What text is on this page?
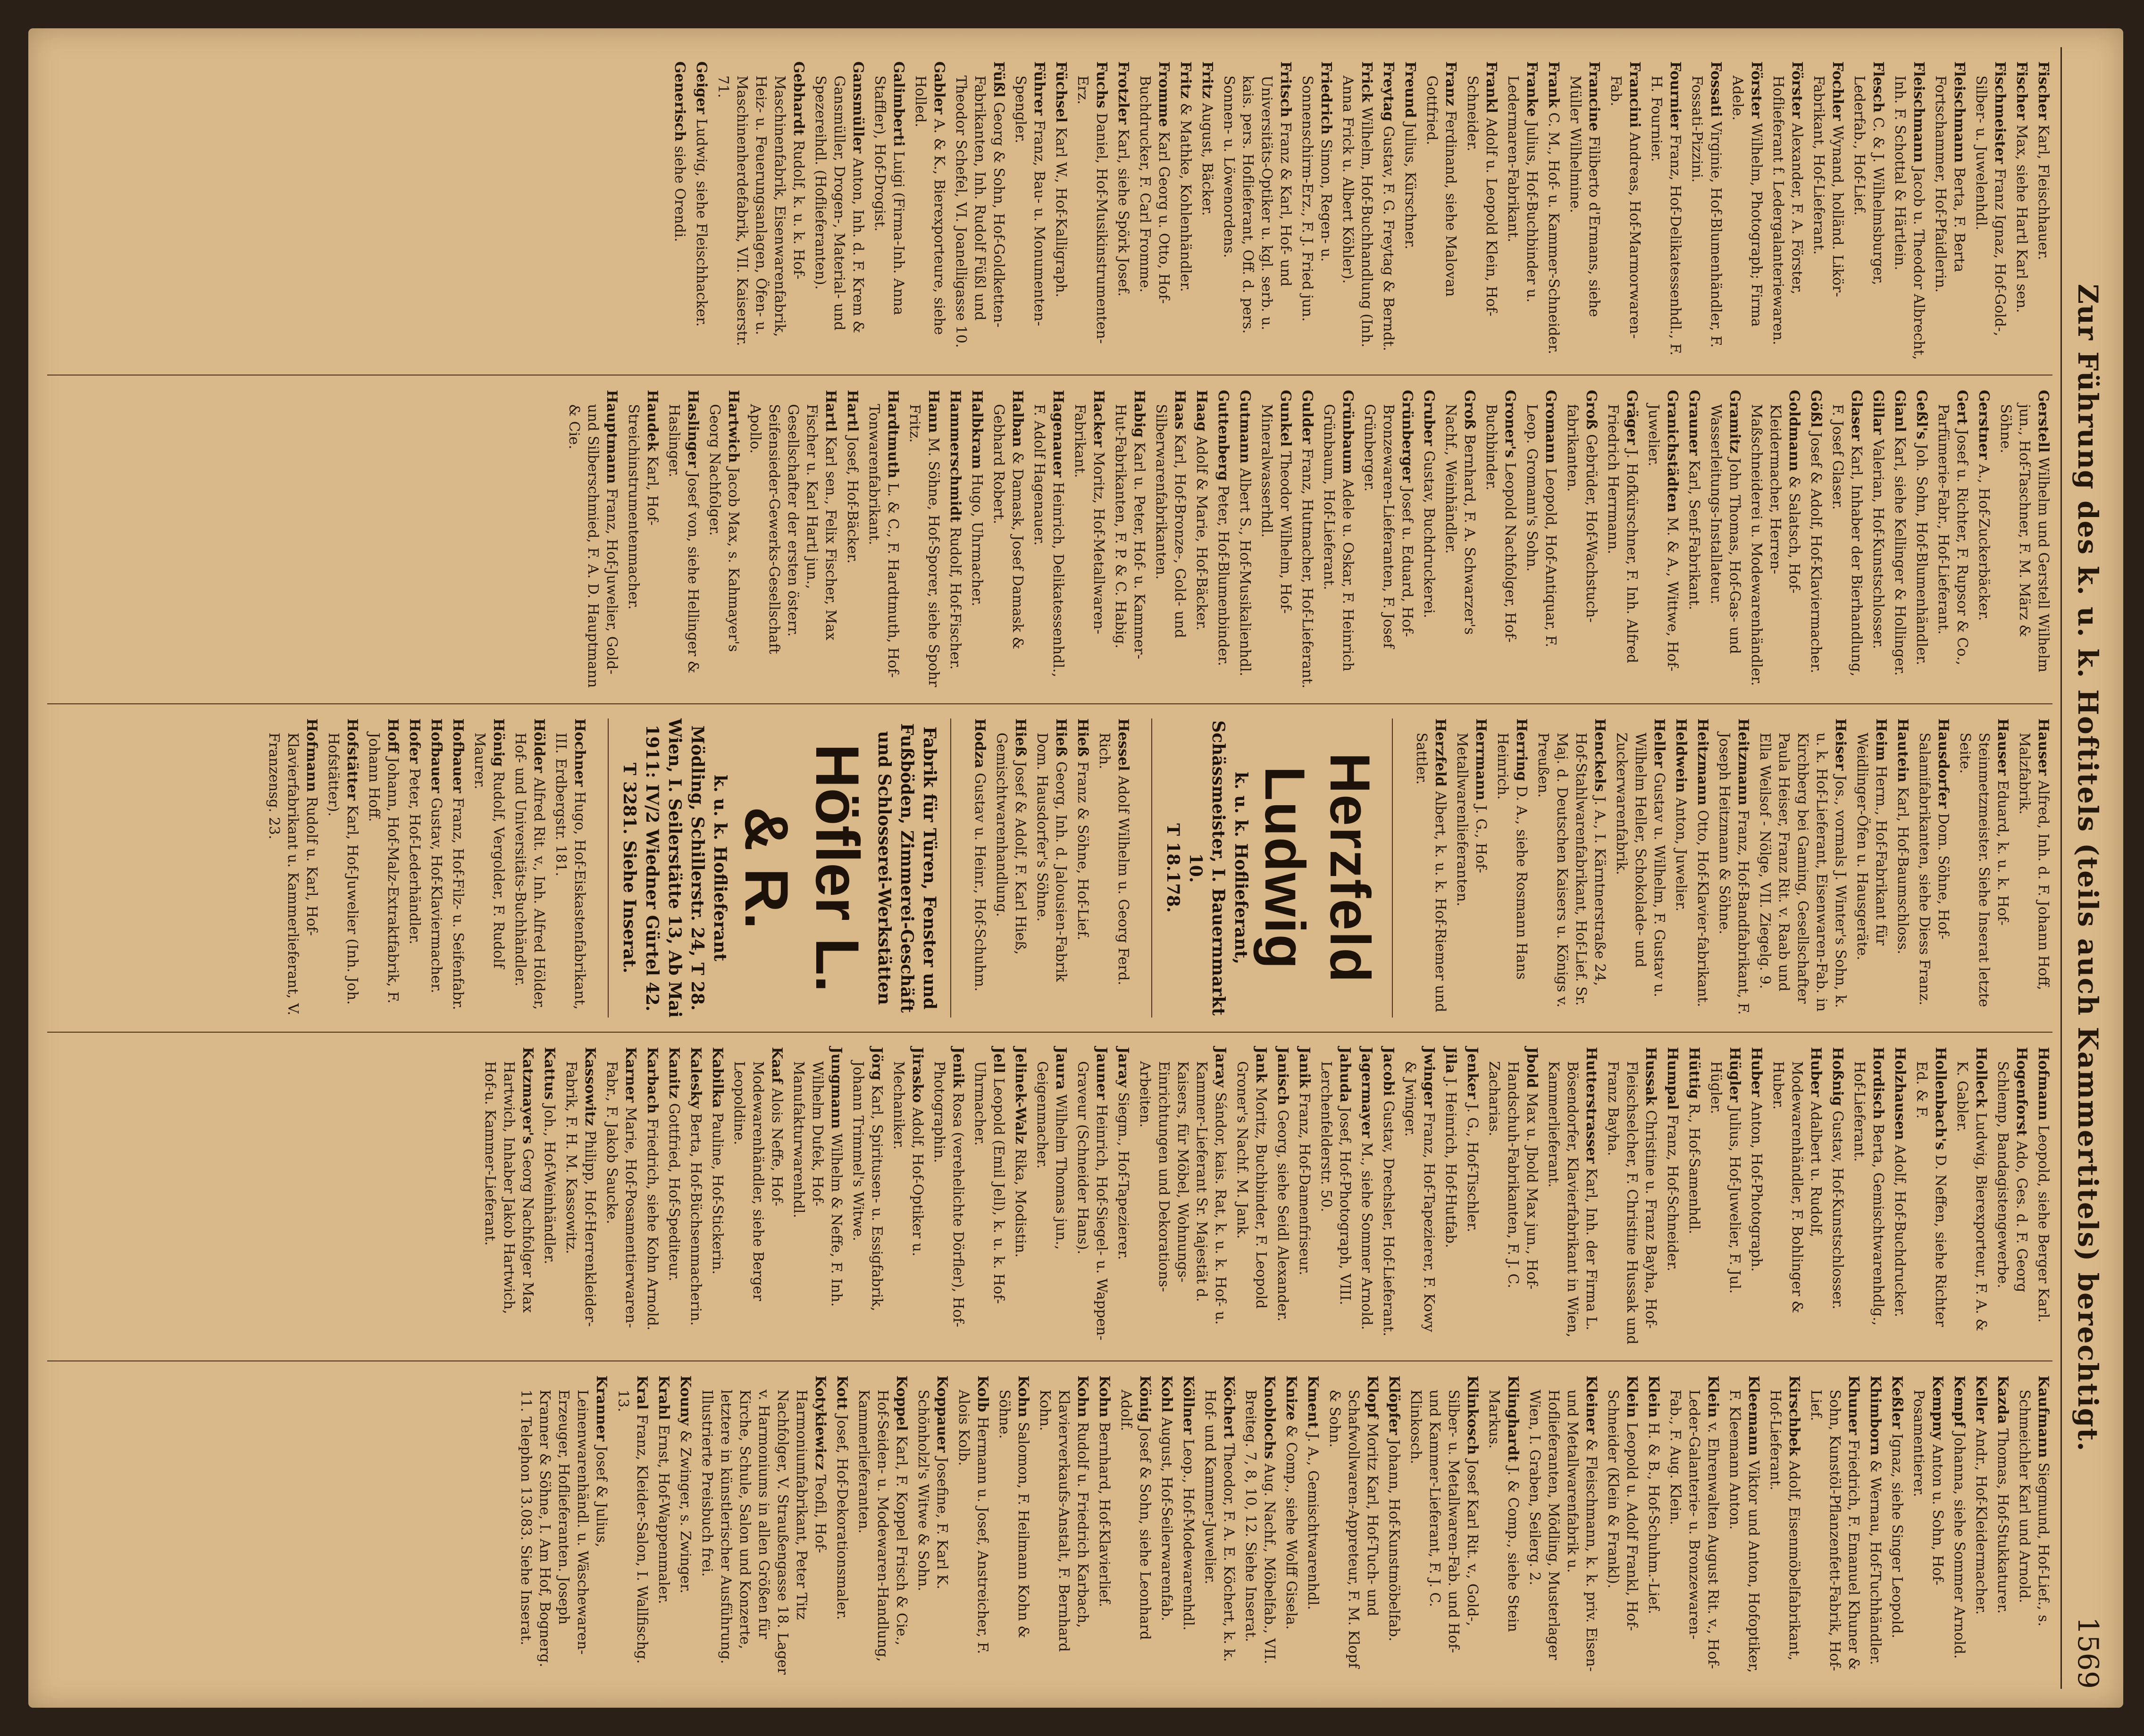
Zur Führung des k. u. k. Hoftitels (teils auch Kammertitels) berechtigt.
1569
Fischer Karl, Fleischhauer.
Fischer Max, siehe Hartl Karl sen.
Fischmeister Franz Ignaz, Hof-Gold-, Silber- u. Juwelenhdl.
Fleischmann Berta, F. Berta Fortschammer, Hof-Pfaidlerin.
Fleischmann Jacob u. Theodor Albrecht, Inh. F. Schottal & Härtlein.
Flesch C. & J. Wilhelmsburger, Lederfab., Hof-Lief.
Fochler Wynand, holländ. Likör-Fabrikant, Hof-Lieferant.
Förster Alexander, F. A. Förster, Hoflieferant f. Ledergalanteriewaren.
Förster Wilhelm, Photograph; Firma Adele.
Fossati Virginie, Hof-Blumenhändler, F. Fossati-Pizzini.
Fournier Franz, Hof-Delikatessenhdl., F. H. Fournier.
Francini Andreas, Hof-Marmorwaren-Fab.
Francine Filiberto d'Ermans, siehe Müller Wilhelmine.
Frank C. M., Hof- u. Kammer-Schneider.
Franke Julius, Hof-Buchbinder u. Ledermaren-Fabrikant.
Frankl Adolf u. Leopold Klein, Hof-Schneider.
Franz Ferdinand, siehe Malovan Gottfried.
Freund Julius, Kürschner.
Freytag Gustav, F. G. Freytag & Berndt.
Frick Wilhelm, Hof-Buchhandlung (Inh. Anna Frick u. Albert Köhler).
Friedrich Simon, Regen- u. Sonnenschirm-Erz., F. J. Fried jun.
Fritsch Franz & Karl, Hof- und Universitäts-Optiker u. kgl. serb. u. kais. pers. Hoflieferant, Off. d. pers. Sonnen- u. Löwenordens.
Fritz August, Bäcker.
Fritz & Mathke, Kohlenhändler.
Fromme Karl Georg u. Otto, Hof-Buchdrucker, F. Carl Fromme.
Frotzler Karl, siehe Spörk Josef.
Fuchs Daniel, Hof-Musikinstrumenten-Erz.
Füchsel Karl W., Hof-Kalligraph.
Führer Franz, Bau- u. Monumenten-Spengler.
Füßl Georg & Sohn, Hof-Goldketten-Fabrikanten, Inh. Rudolf Füßl und Theodor Schefel, VI. Joanelligasse 10.
Gabler A. & K., Bierexporteure, siehe Holled.
Galimberti Luigi (Firma-Inh. Anna Staffler), Hof-Drogist.
Gansmüller Anton, Inh. d. F. Krem & Gansmüller, Drogen-, Material- und Spezereihdl. (Hoflieferanten).
Gebhardt Rudolf, k. u. k. Hof-Maschinenfabrik, Eisenwarenfabrik, Heiz- u. Feuerungsanlagen, Öfen- u. Maschinenherdefabrik, VII. Kaiserstr. 71.
Geiger Ludwig, siehe Fleischhacker.
Generisch siehe Orendi.
Gerstell Wilhelm und Gerstell Wilhelm jun., Hof-Taschner, F. M. März & Söhne.
Gerstner A., Hof-Zuckerbäcker.
Gert Josef u. Richter, F. Rupsor & Co., Parfümerie-Fabr., Hof-Lieferant.
Geßl's Joh. Sohn, Hof-Blumenhändler.
Gianl Karl, siehe Kellinger & Hollinger.
Gillar Valerian, Hof-Kunstschlosser.
Glaser Karl, Inhaber der Bierhandlung, F. Josef Glaser.
Gößl Josef & Adolf, Hof-Klaviermacher.
Goldmann & Salatsch, Hof-Kleidermacher, Herren-Maßschneiderei u. Modewarenhändler.
Gramitz John Thomas, Hof-Gas- und Wasserleitungs-Installateur.
Grauner Karl, Senf-Fabrikant.
Granichstädten M. & A., Wittwe, Hof-Juwelier.
Gräger J. Hofkürschner, F. Inh. Alfred Friedrich Herrmann.
Groß Gebrüder, Hof-Wachstuch-fabrikanten.
Gromann Leopold, Hof-Antiquar, F. Leop. Gromann's Sohn.
Groner's Leopold Nachfolger, Hof-Buchbinder.
Groß Bernhard, F. A. Schwarzer's Nachf., Weinhändler.
Gruber Gustav, Buchdruckerei.
Grünberger Josef u. Eduard, Hof-Bronzewaren-Lieferanten, F. Josef Grünberger.
Grünbaum Adele u. Oskar, F. Heinrich Grünbaum, Hof-Lieferant.
Gulder Franz, Hutmacher, Hof-Lieferant.
Gunkel Theodor Wilhelm, Hof-Mineralwasserhdl.
Gutmann Albert S., Hof-Musikalienhdl.
Guttenberg Peter, Hof-Blumenbinder.
Haag Adolf & Marie, Hof-Bäcker.
Haas Karl, Hof-Bronze-, Gold- und Silberwarenfabrikanten.
Habig Karl u. Peter, Hof- u. Kammer-Hut-Fabrikanten, F. P. & C. Habig.
Hacker Moritz, Hof-Metallwaren-Fabrikant.
Hagenauer Heinrich, Delikatessenhdl., F. Adolf Hagenauer.
Halban & Damask, Josef Damask & Gebhard Robert.
Halbkram Hugo, Uhrmacher.
Hammerschmidt Rudolf, Hof-Fischer.
Hann M. Söhne, Hof-Sporer, siehe Spohr Fritz.
Hardtmuth L. & C., F. Hardtmuth, Hof-Tonwarenfabrikant.
Hartl Josef, Hof-Bäcker.
Hartl Karl sen., Felix Fischer, Max Fischer u. Karl Hartl jun., Gesellschafter der ersten österr. Seifensieder-Gewerks-Gesellschaft Apollo.
Hartwich Jacob Max, s. Kahmayer's Georg Nachfolger.
Haslinger Josef von, siehe Hellinger & Haslinger.
Haudek Karl, Hof-Streichinstrumentenmacher.
Hauptmann Franz, Hof-Juwelier, Gold- und Silberschmied, F. A. D. Hauptmann & Cie.
Hauser Alfred, Inh. d. F. Johann Hoff, Malzfabrik.
Hauser Eduard, k. u. k. Hof-Steinmetzmeister. Siehe Inserat letzte Seite.
Hausdorfer Dom. Söhne, Hof-Salamifabrikanten, siehe Diess Franz.
Hautein Karl, Hof-Baumschloss.
Heim Herm., Hof-Fabrikant für Weidlinger-Öfen u. Hausgeräte.
Heiser Jos., vormals J. Winter's Sohn, k. u. k. Hof-Lieferant, Eisenwaren-Fab. in Kirchberg bei Gaming, Gesellschafter Paula Heiser, Franz Rit. v. Raab und Ella Weilsof - Nölge, VII. Ziegelg. 9.
Heitzmann Franz, Hof-Bandfabrikant, F. Joseph Heitzmann & Söhne.
Heitzmann Otto, Hof-Klavier-fabrikant.
Heldwein Anton, Juwelier.
Heller Gustav u. Wilhelm, F. Gustav u. Wilhelm Heller, Schokolade- und Zuckerwarenfabrik.
Henckels J. A., I. Kärntnerstraße 24, Hof-Stahlwarenfabrikant, Hof-Lief. Sr. Maj. d. Deutschen Kaisers u. Königs v. Preußen.
Herring D. A., siehe Rosmann Hans Heinrich.
Herrmann J. G., Hof-Metallwarenlieferanten.
Herzfeld Albert, k. u. k. Hof-Riemer und Sattler.
Herzfeld Ludwig
k. u. k. Hoflieferant, Schässmeister, I. Bauernmarkt 10.
T 18.178.
Hessel Adolf Wilhelm u. Georg Ferd. Rich.
Hieß Franz & Söhne, Hof-Lief.
Hieß Georg, Inh. d. Jalousien-Fabrik Dom. Hausdorfer's Söhne.
Hieß Josef & Adolf, F. Karl Hieß, Gemischtwarenhandlung.
Hodza Gustav u. Heinr., Hof-Schuhm.
Fabrik für Türen, Fenster und Fußböden, Zimmerei-Geschäft und Schlosserei-Werkstätten
Höfler L. & R.
k. u. k. Hoflieferant
Mödling, Schillerstr. 24, T 28.
Wien, I. Seilerstätte 13, Ab Mai 1911: IV/2 Wiedner Gürtel 42.
T 3281. Siehe Inserat.
Hochner Hugo, Hof-Eiskastenfabrikant, III. Erdbergstr. 181.
Hölder Alfred Rit. v., Inh. Alfred Hölder, Hof- und Universitäts-Buchhändler.
Hönig Rudolf, Vergolder, F. Rudolf Maurer.
Hofbauer Franz, Hof-Filz- u. Seifenfabr.
Hofbauer Gustav, Hof-Klaviermacher.
Hofer Peter, Hof-Lederhändler.
Hoff Johann, Hof-Malz-Extraktfabrik, F. Johann Hoff.
Hofstätter Karl, Hof-Juwelier (Inh. Joh. Hofstätter).
Hofmann Rudolf u. Karl, Hof-Klavierfabrikant u. Kammerlieferant, V. Franzensg. 23.
Hofmann Leopold, siehe Berger Karl.
Hogenforst Ado, Ges. d. F. Georg Schlemp, Bandagistengewerbe.
Holleck Ludwig, Bierexporteur, F. A. & K. Gabler.
Hollenbach's D. Neffen, siehe Richter Ed. & F.
Holzhausen Adolf, Hof-Buchdrucker.
Hordisch Berta, Gemischtwarenhdlg., Hof-Lieferant.
Hoßnig Gustav, Hof-Kunstschlosser.
Huber Adalbert u. Rudolf, Modewarenhändler, F. Bohlinger & Huber.
Huber Anton, Hof-Photograph.
Hügler Julius, Hof-Juwelier, F. Jul. Hügler.
Hüttig R., Hof-Samenhdl.
Humpal Franz, Hof-Schneider.
Hussak Christine u. Franz Bayha, Hof-Fleischselcher, F. Christine Hussak und Franz Bayha.
Hutterstrasser Karl, Inh. der Firma L. Bösendorfer, Klavierfabrikant in Wien, Kammerlieferant.
Jbold Max u. Jbold Max jun., Hof-Handschuh-Fabrikanten, F. J. C. Zacharias.
Jenker J. G., Hof-Tischler.
Jila J. Heinrich, Hof-Hutfab.
Jwinger Franz, Hof-Tapezierer, F. Kowy & Jwinger.
Jacobi Gustav, Drechsler, Hof-Lieferant.
Jagermayer M., siehe Sommer Arnold.
Jahuda Josef, Hof-Photograph, VIII. Lerchenfelderstr. 50.
Janik Franz, Hof-Damenfriseur.
Janisch Georg, siehe Seidl Alexander.
Jank Moritz, Buchbinder, F. Leopold Groner's Nachf. M. Jank.
Jaray Sándor, kais. Rat, k. u. k. Hof- u. Kammer-Lieferant Sr. Majestät d. Kaisers, für Möbel, Wohnungs-Einrichtungen und Dekorations-Arbeiten.
Jaray Siegm., Hof-Tapezierer.
Jauner Heinrich, Hof-Siegel- u. Wappen-Graveur (Schneider Hans).
Jaura Wilhelm Thomas jun., Geigenmacher.
Jelinek-Walz Rika, Modistin.
Jell Leopold (Emil Jell), k. u. k. Hof-Uhrmacher.
Jenik Rosa (verehelichte Dörfler), Hof-Photographin.
Jirasko Adolf, Hof-Optiker u. Mechaniker.
Jörg Karl, Spiritusen- u. Essigfabrik, Johann Trimmel's Witwe.
Jungmann Wilhelm & Neffe, F. Inh. Wilhelm Dufek, Hof-Manufakturwarenhdl.
Kaaf Alois Neffe, Hof-Modewarenhändler, siehe Berger Leopoldine.
Kabilka Pauline, Hof-Stickerin.
Kalesky Berta, Hof-Büchsenmacherin.
Kanitz Gottfried, Hof-Spediteur.
Karbach Friedrich, siehe Kohn Arnold.
Karner Marie, Hof-Posamentierwaren-Fabr., F. Jakob Saucke.
Kassowitz Philipp, Hof-Herrenkleider-Fabrik, F. H. M. Kassowitz.
Kattus Joh., Hof-Weinhändler.
Katzmayer's Georg Nachfolger Max Hartwich, Inhaber Jakob Hartwich, Hof-u. Kammer-Lieferant.
Kaufmann Siegmund, Hof-Lief., s. Schmeichler Karl und Arnold.
Kazda Thomas, Hof-Stukkaturer.
Keller Andr., Hof-Kleidermacher.
Kempf Johanna, siehe Sommer Arnold.
Kempny Anton u. Sohn, Hof-Posamentierer.
Keßler Ignaz, siehe Singer Leopold.
Khimborn & Wernau, Hof-Tuchhändler.
Khuner Friedrich, F. Emanuel Khuner & Sohn, Kunstöl-Pflanzenfett-Fabrik, Hof-Lief.
Kirschbek Adolf, Eisenmöbelfabrikant, Hof-Lieferant.
Kleemann Viktor und Anton, Hofoptiker, F. Kleemann Anton.
Klein v. Ehrenwalten August Rit. v., Hof-Leder-Galanterie- u. Bronzewaren-Fab., F. Aug. Klein.
Klein H. & B., Hof-Schuhm.-Lief.
Klein Leopold u. Adolf Frankl, Hof-Schneider (Klein & Frankl).
Kleiner & Fleischmann, k. k. priv. Eisen- und Metallwarenfabrik u. Hoflieferanten, Mödling, Musterlager Wien, I. Graben, Seilerg. 2.
Klinghardt J. & Comp., siehe Stein Markus.
Klinkosch Josef Karl Rit. v., Gold-, Silber- u. Metallwaren-Fab. und Hof- und Kammer-Lieferant, F. J. C. Klinkosch.
Klöpfer Johann, Hof-Kunstmöbelfab.
Klopf Moritz Karl, Hof-Tuch- und Schafwollwaren-Appreteur, F. M. Klopf & Sohn.
Kment J. A., Gemischtwarenhdl.
Knize & Comp., siehe Wolff Gisela.
Knoblochs Aug. Nachf., Möbelfab., VII. Breiteg. 7, 8, 10, 12. Siehe Inserat.
Köchert Theodor, F. A. E. Köchert, k. k. Hof- und Kammer-Juwelier.
Köllner Leop., Hof-Modewarenhdl.
Kohl August, Hof-Seilerwarenfab.
König Josef & Sohn, siehe Leonhard Adolf.
Kohn Bernhard, Hof-Klavierlief.
Kohn Rudolf u. Friedrich Karbach, Klavierverkaufs-Anstalt, F. Bernhard Kohn.
Kohn Salomon, F. Heilmann Kohn & Söhne.
Kolb Hermann u. Josef, Anstreicher, F. Alois Kolb.
Koppauer Josefine, F. Karl K. Schönholzl's Witwe & Sohn.
Koppel Karl, F. Koppel Frisch & Cie., Hof-Seiden- u. Modewaren-Handlung, Kammerlieferanten.
Kott Josef, Hof-Dekorationsmaler.
Kotykiewicz Teofil, Hof-Harmoniumfabrikant, Peter Titz Nachfolger, V. Straußengasse 18. Lager v. Harmoniums in allen Größen für Kirche, Schule, Salon und Konzerte, letztere in künstlerischer Ausführung. Illustrierte Preisbuch frei.
Kouny & Zwinger, s. Zwinger.
Krahl Ernst, Hof-Wappenmaler.
Kral Franz, Kleider-Salon, I. Wallfischg. 13.
Kranner Josef & Julius, Leinenwarenhändl. u. Wäschewaren-Erzeuger, Hoflieferanten. Joseph Kranner & Söhne, I. Am Hof, Bognerg. 11. Telephon 13.083. Siehe Inserat.
